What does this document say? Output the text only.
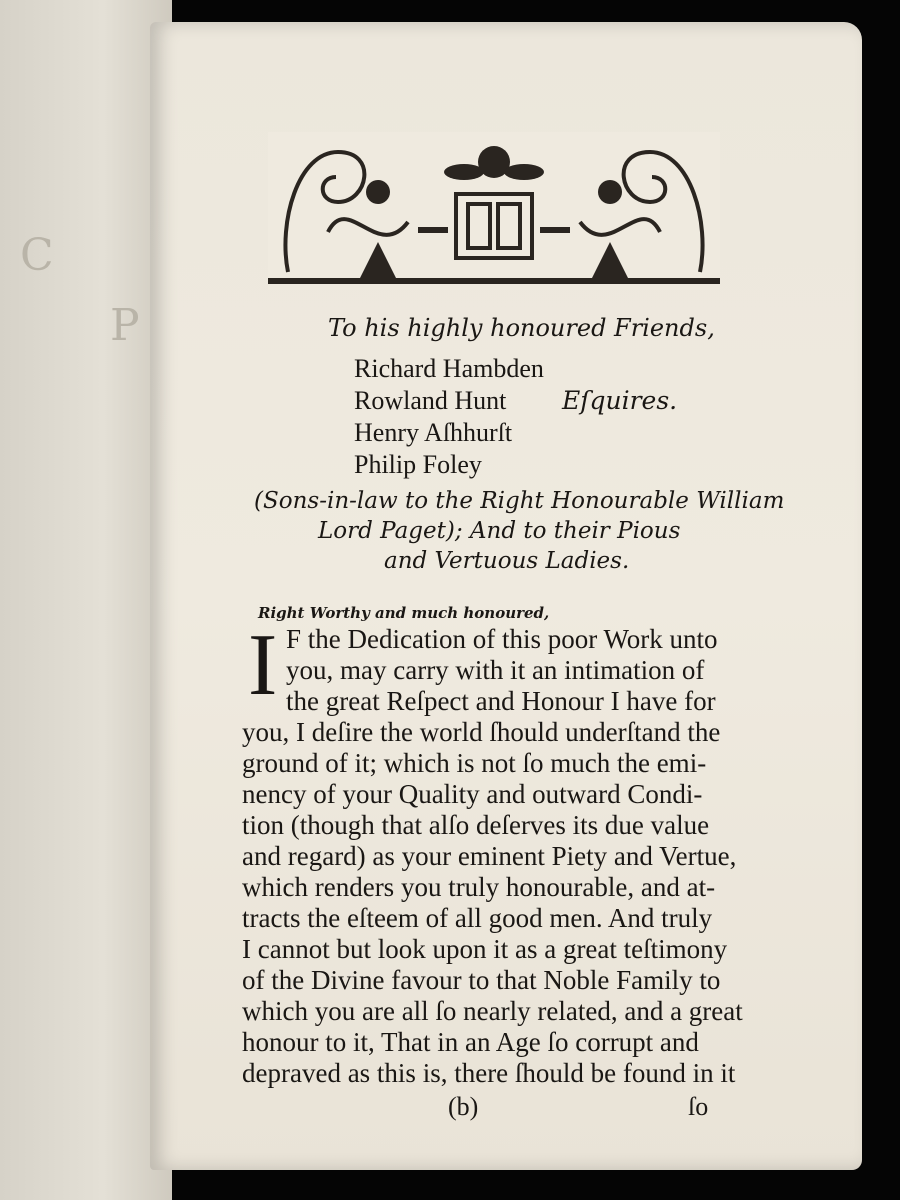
C
P	To his highly honoured Friends,
Richard Hambden
Rowland Hunt Eſquires.
Henry Aſhhurſt
Philip Foley
(Sons-in-law to the Right Honourable William
Lord Paget); And to their Pious
and Vertuous Ladies.
Right Worthy and much honoured,
I F the Dedication of this poor Work unto
you, may carry with it an intimation of
the great Reſpect and Honour I have for
you, I deſire the world ſhould underſtand the
ground of it; which is not ſo much the emi-
nency of your Quality and outward Condi-
tion (though that alſo deſerves its due value
and regard) as your eminent Piety and Vertue,
which renders you truly honourable, and at-
tracts the eſteem of all good men. And truly
I cannot but look upon it as a great teſtimony
of the Divine favour to that Noble Family to
which you are all ſo nearly related, and a great
honour to it, That in an Age ſo corrupt and
depraved as this is, there ſhould be found in it
(b)	ſo
